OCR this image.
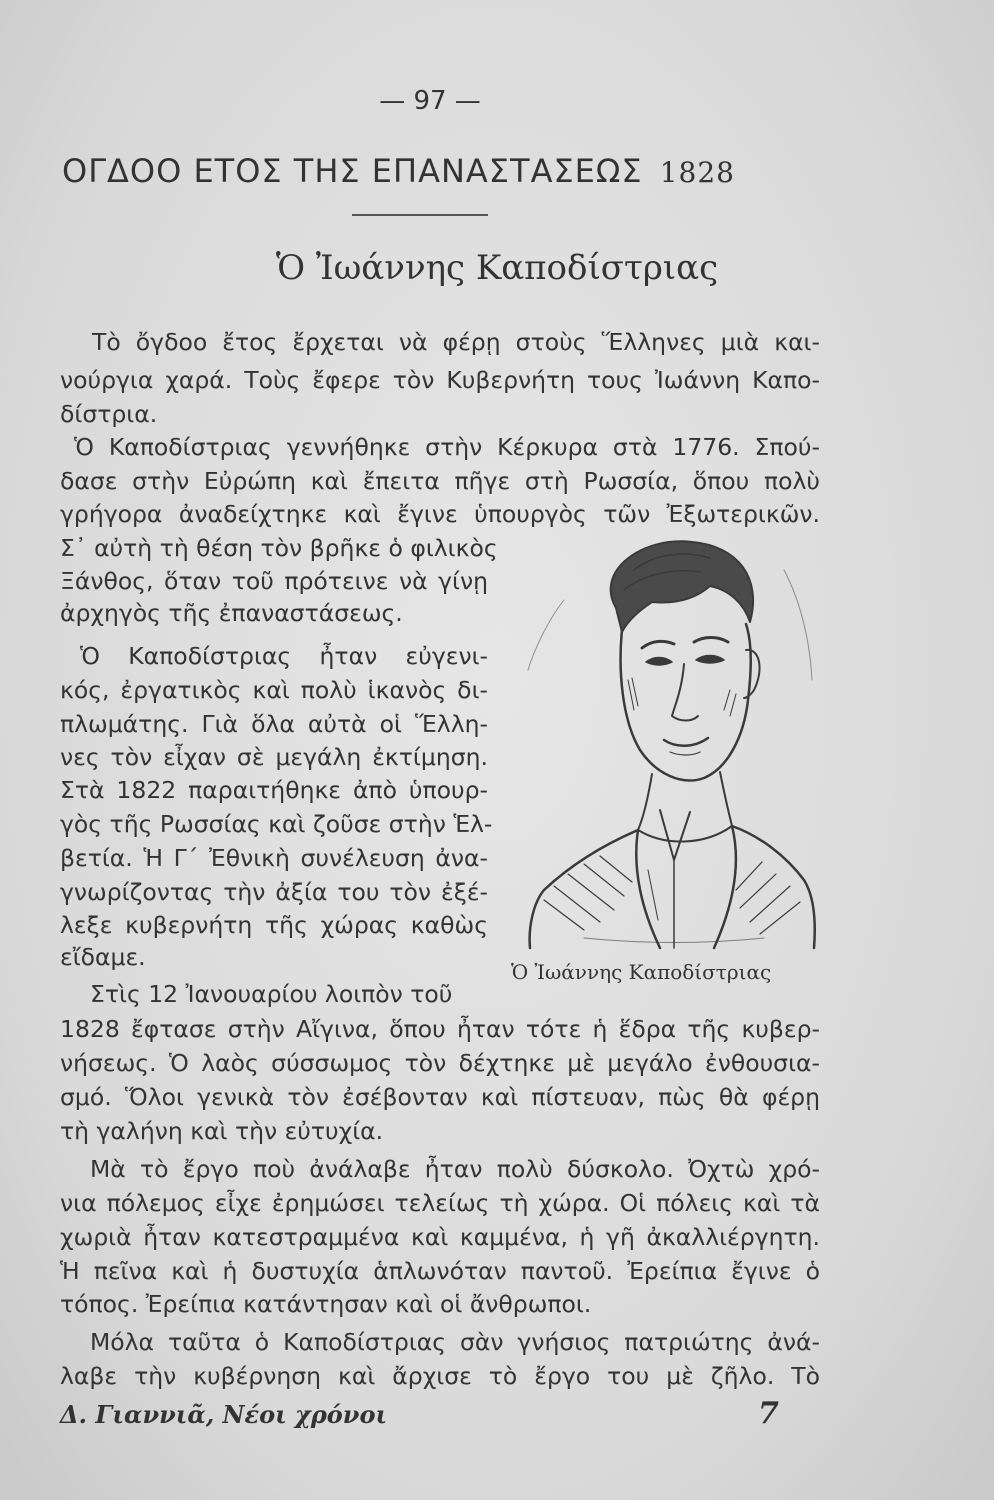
— 97 —
ΟΓΔΟΟ ΕΤΟΣ ΤΗΣ ΕΠΑΝΑΣΤΑΣΕΩΣ 1828
Ὁ Ἰωάννης Καποδίστριας
Τὸ ὄγδοο ἔτος ἔρχεται νὰ φέρῃ στοὺς Ἕλληνες μιὰ και-
νούργια χαρά. Τοὺς ἔφερε τὸν Κυβερνήτη τους Ἰωάννη Καπο-
δίστρια.
Ὁ Καποδίστριας γεννήθηκε στὴν Κέρκυρα στὰ 1776. Σπού-
δασε στὴν Εὐρώπη καὶ ἔπειτα πῆγε στὴ Ρωσσία, ὅπου πολὺ
γρήγορα ἀναδείχτηκε καὶ ἔγινε ὑπουργὸς τῶν Ἐξωτερικῶν.
Σ᾿ αὐτὴ τὴ θέση τὸν βρῆκε ὁ φιλικὸς
Ξάνθος, ὅταν τοῦ πρότεινε νὰ γίνῃ
ἀρχηγὸς τῆς ἐπαναστάσεως.
Ὁ Καποδίστριας ἦταν εὐγενι-
κός, ἐργατικὸς καὶ πολὺ ἱκανὸς δι-
πλωμάτης. Γιὰ ὅλα αὐτὰ οἱ Ἕλλη-
νες τὸν εἶχαν σὲ μεγάλη ἐκτίμηση.
Στὰ 1822 παραιτήθηκε ἀπὸ ὑπουρ-
γὸς τῆς Ρωσσίας καὶ ζοῦσε στὴν Ἑλ-
βετία. Ἡ Γ´ Ἐθνικὴ συνέλευση ἀνα-
γνωρίζοντας τὴν ἀξία του τὸν ἐξέ-
λεξε κυβερνήτη τῆς χώρας καθὼς
εἴδαμε.
Στὶς 12 Ἰανουαρίου λοιπὸν τοῦ
1828 ἔφτασε στὴν Αἴγινα, ὅπου ἦταν τότε ἡ ἕδρα τῆς κυβερ-
νήσεως. Ὁ λαὸς σύσσωμος τὸν δέχτηκε μὲ μεγάλο ἐνθουσια-
σμό. Ὅλοι γενικὰ τὸν ἐσέβονταν καὶ πίστευαν, πὼς θὰ φέρῃ
τὴ γαλήνη καὶ τὴν εὐτυχία.
Μὰ τὸ ἔργο ποὺ ἀνάλαβε ἦταν πολὺ δύσκολο. Ὀχτὼ χρό-
νια πόλεμος εἶχε ἐρημώσει τελείως τὴ χώρα. Οἱ πόλεις καὶ τὰ
χωριὰ ἦταν κατεστραμμένα καὶ καμμένα, ἡ γῆ ἀκαλλιέργητη.
Ἡ πεῖνα καὶ ἡ δυστυχία ἁπλωνόταν παντοῦ. Ἐρείπια ἔγινε ὁ
τόπος. Ἐρείπια κατάντησαν καὶ οἱ ἄνθρωποι.
Μόλα ταῦτα ὁ Καποδίστριας σὰν γνήσιος πατριώτης ἀνά-
λαβε τὴν κυβέρνηση καὶ ἄρχισε τὸ ἔργο του μὲ ζῆλο. Τὸ
Ὁ Ἰωάννης Καποδίστριας
Δ. Γιαννιᾶ, Νέοι χρόνοι	7
